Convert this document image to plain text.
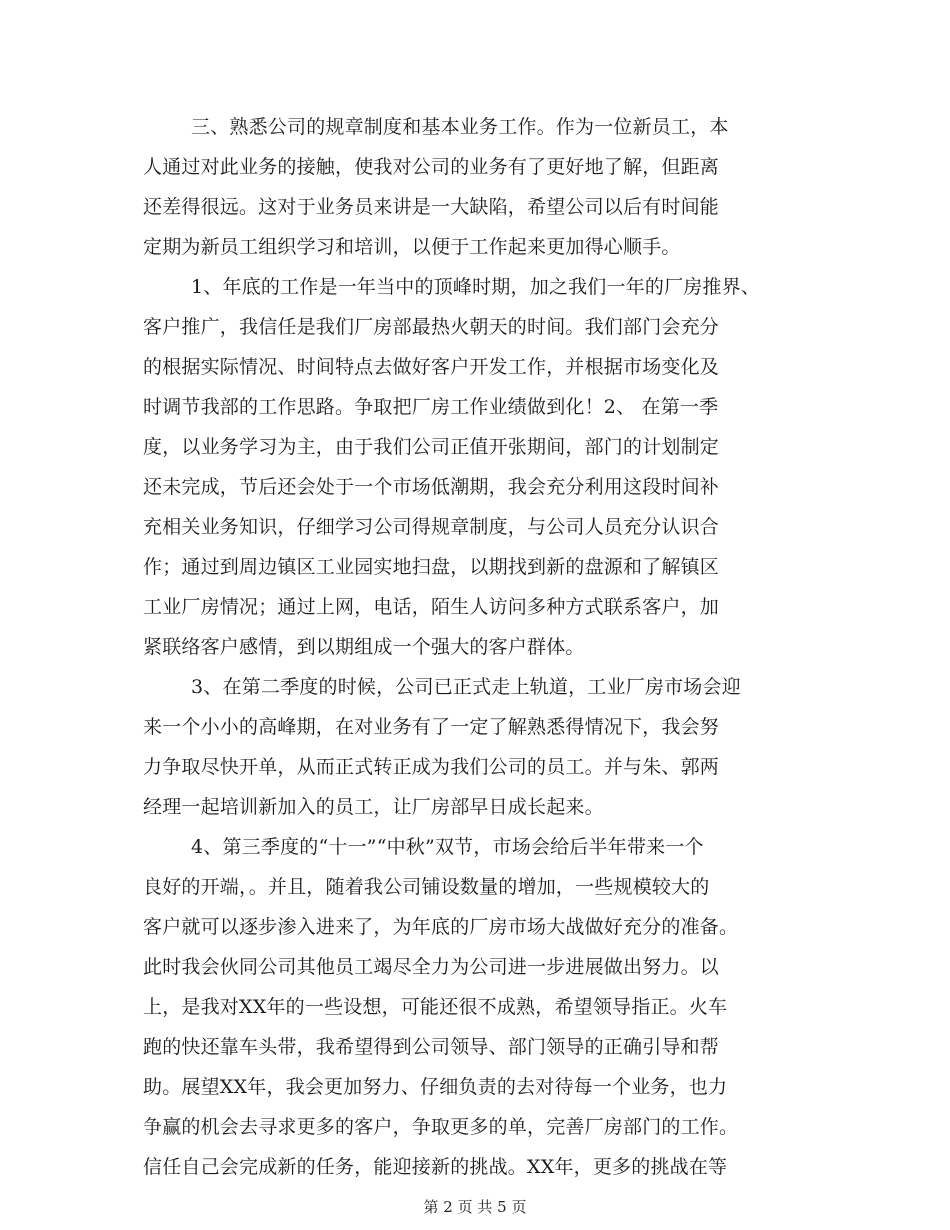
三、熟悉公司的规章制度和基本业务工作。作为一位新员工，本
人通过对此业务的接触，使我对公司的业务有了更好地了解，但距离
还差得很远。这对于业务员来讲是一大缺陷，希望公司以后有时间能
定期为新员工组织学习和培训，以便于工作起来更加得心顺手。
1、年底的工作是一年当中的顶峰时期，加之我们一年的厂房推界、
客户推广，我信任是我们厂房部最热火朝天的时间。我们部门会充分
的根据实际情况、时间特点去做好客户开发工作，并根据市场变化及
时调节我部的工作思路。争取把厂房工作业绩做到化！2、 在第一季
度，以业务学习为主，由于我们公司正值开张期间，部门的计划制定
还未完成，节后还会处于一个市场低潮期，我会充分利用这段时间补
充相关业务知识，仔细学习公司得规章制度，与公司人员充分认识合
作；通过到周边镇区工业园实地扫盘，以期找到新的盘源和了解镇区
工业厂房情况；通过上网，电话，陌生人访问多种方式联系客户，加
紧联络客户感情，到以期组成一个强大的客户群体。
3、在第二季度的时候，公司已正式走上轨道，工业厂房市场会迎
来一个小小的高峰期，在对业务有了一定了解熟悉得情况下，我会努
力争取尽快开单，从而正式转正成为我们公司的员工。并与朱、郭两
经理一起培训新加入的员工，让厂房部早日成长起来。
4、第三季度的“十一”“中秋”双节，市场会给后半年带来一个
良好的开端，。并且，随着我公司铺设数量的增加，一些规模较大的
客户就可以逐步渗入进来了，为年底的厂房市场大战做好充分的准备。
此时我会伙同公司其他员工竭尽全力为公司进一步进展做出努力。以
上，是我对XX年的一些设想，可能还很不成熟，希望领导指正。火车
跑的快还靠车头带，我希望得到公司领导、部门领导的正确引导和帮
助。展望XX年，我会更加努力、仔细负责的去对待每一个业务，也力
争赢的机会去寻求更多的客户，争取更多的单，完善厂房部门的工作。
信任自己会完成新的任务，能迎接新的挑战。XX年，更多的挑战在等
第 2 页 共 5 页
